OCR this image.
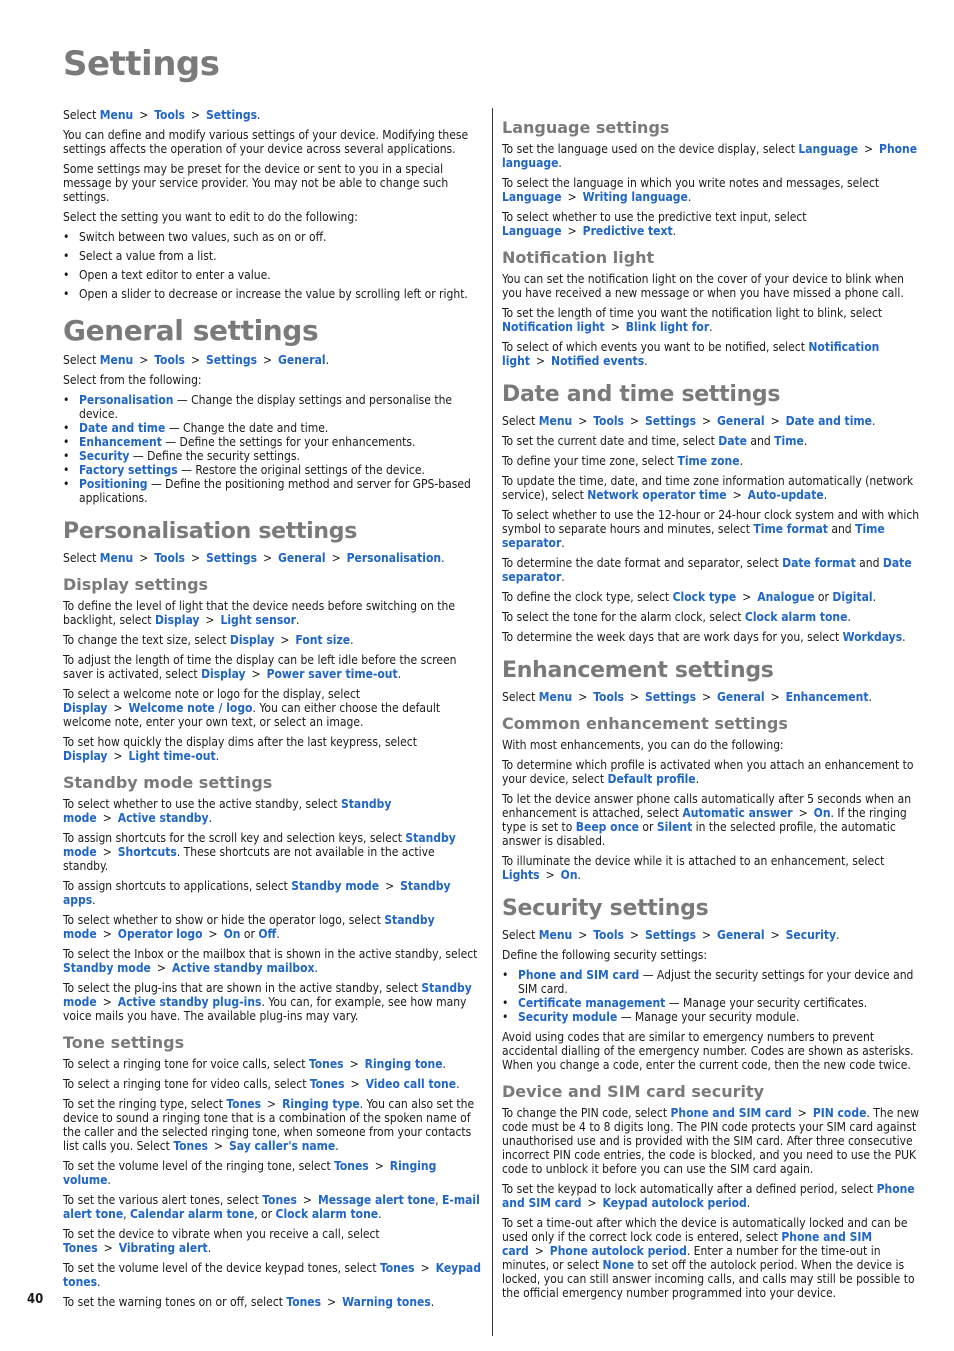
Settings

Select Menu > Tools > Settings.

You can define and modify various settings of your device. Modifying these settings affects the operation of your device across several applications.

Some settings may be preset for the device or sent to you in a special message by your service provider. You may not be able to change such settings.

Select the setting you want to edit to do the following:

• Switch between two values, such as on or off.
• Select a value from a list.
• Open a text editor to enter a value.
• Open a slider to decrease or increase the value by scrolling left or right.
General settings

Select Menu > Tools > Settings > General.

Select from the following:

• Personalisation — Change the display settings and personalise the device.
• Date and time — Change the date and time.
• Enhancement — Define the settings for your enhancements.
• Security — Define the security settings.
• Factory settings — Restore the original settings of the device.
• Positioning — Define the positioning method and server for GPS-based applications.
Personalisation settings

Select Menu > Tools > Settings > General > Personalisation.

Display settings

To define the level of light that the device needs before switching on the backlight, select Display > Light sensor.

To change the text size, select Display > Font size.

To adjust the length of time the display can be left idle before the screen saver is activated, select Display > Power saver time-out.

To select a welcome note or logo for the display, select Display > Welcome note / logo. You can either choose the default welcome note, enter your own text, or select an image.

To set how quickly the display dims after the last keypress, select Display > Light time-out.

Standby mode settings

To select whether to use the active standby, select Standby mode > Active standby.

To assign shortcuts for the scroll key and selection keys, select Standby mode > Shortcuts. These shortcuts are not available in the active standby.

To assign shortcuts to applications, select Standby mode > Standby apps.

To select whether to show or hide the operator logo, select Standby mode > Operator logo > On or Off.

To select the Inbox or the mailbox that is shown in the active standby, select Standby mode > Active standby mailbox.

To select the plug-ins that are shown in the active standby, select Standby mode > Active standby plug-ins. You can, for example, see how many voice mails you have. The available plug-ins may vary.

Tone settings

To select a ringing tone for voice calls, select Tones > Ringing tone.

To select a ringing tone for video calls, select Tones > Video call tone.

To set the ringing type, select Tones > Ringing type. You can also set the device to sound a ringing tone that is a combination of the spoken name of the caller and the selected ringing tone, when someone from your contacts list calls you. Select Tones > Say caller's name.

To set the volume level of the ringing tone, select Tones > Ringing volume.

To set the various alert tones, select Tones > Message alert tone, E-mail alert tone, Calendar alarm tone, or Clock alarm tone.

To set the device to vibrate when you receive a call, select Tones > Vibrating alert.

To set the volume level of the device keypad tones, select Tones > Keypad tones.

To set the warning tones on or off, select Tones > Warning tones.

Language settings

To set the language used on the device display, select Language > Phone language.

To select the language in which you write notes and messages, select Language > Writing language.

To select whether to use the predictive text input, select Language > Predictive text.

Notification light

You can set the notification light on the cover of your device to blink when you have received a new message or when you have missed a phone call.

To set the length of time you want the notification light to blink, select Notification light > Blink light for.

To select of which events you want to be notified, select Notification light > Notified events.

Date and time settings

Select Menu > Tools > Settings > General > Date and time.

To set the current date and time, select Date and Time.

To define your time zone, select Time zone.

To update the time, date, and time zone information automatically (network service), select Network operator time > Auto-update.

To select whether to use the 12-hour or 24-hour clock system and with which symbol to separate hours and minutes, select Time format and Time separator.

To determine the date format and separator, select Date format and Date separator.

To define the clock type, select Clock type > Analogue or Digital.

To select the tone for the alarm clock, select Clock alarm tone.

To determine the week days that are work days for you, select Workdays.

Enhancement settings

Select Menu > Tools > Settings > General > Enhancement.

Common enhancement settings

With most enhancements, you can do the following:

To determine which profile is activated when you attach an enhancement to your device, select Default profile.

To let the device answer phone calls automatically after 5 seconds when an enhancement is attached, select Automatic answer > On. If the ringing type is set to Beep once or Silent in the selected profile, the automatic answer is disabled.

To illuminate the device while it is attached to an enhancement, select Lights > On.

Security settings

Select Menu > Tools > Settings > General > Security.

Define the following security settings:

• Phone and SIM card — Adjust the security settings for your device and SIM card.
• Certificate management — Manage your security certificates.
• Security module — Manage your security module.

Avoid using codes that are similar to emergency numbers to prevent accidental dialling of the emergency number. Codes are shown as asterisks. When you change a code, enter the current code, then the new code twice.

Device and SIM card security

To change the PIN code, select Phone and SIM card > PIN code. The new code must be 4 to 8 digits long. The PIN code protects your SIM card against unauthorised use and is provided with the SIM card. After three consecutive incorrect PIN code entries, the code is blocked, and you need to use the PUK code to unblock it before you can use the SIM card again.

To set the keypad to lock automatically after a defined period, select Phone and SIM card > Keypad autolock period.

To set a time-out after which the device is automatically locked and can be used only if the correct lock code is entered, select Phone and SIM card > Phone autolock period. Enter a number for the time-out in minutes, or select None to set off the autolock period. When the device is locked, you can still answer incoming calls, and calls may still be possible to the official emergency number programmed into your device.

40
